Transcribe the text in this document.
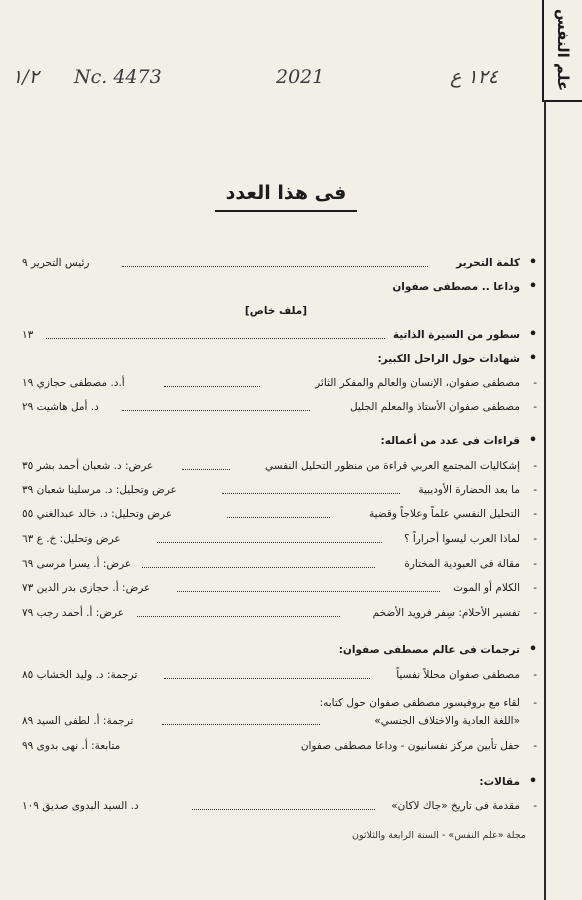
علم النفس
١/٢ Nc. 4473	2021	١٢٤ ع
فى هذا العدد
•
كلمة التحرير
رئيس التحرير ٩
•
وداعا .. مصطفى صفوان
[ملف خاص]
•
سطور من السيرة الذاتية
١٣
•
شهادات حول الراحل الكبير:
-
مصطفى صفوان، الإنسان والعالم والمفكر الثائر
أ.د. مصطفى حجازي ١٩
-
مصطفى صفوان الأستاذ والمعلم الجليل
د. أمل هاشيت ٢٩
•
قراءات فى عدد من أعماله:
-
إشكاليات المجتمع العربي قراءة من منظور التحليل النفسي
عرض: د. شعبان أحمد بشر ٣٥
-
ما بعد الحضارة الأوديبية
عرض وتحليل: د. مرسلينا شعبان ٣٩
-
التحليل النفسي علماً وعلاجاً وقضية
عرض وتحليل: د. خالد عبدالغني ٥٥
-
لماذا العرب ليسوا أحراراً ؟
عرض وتحليل: خ. ع ٦٣
-
مقالة فى العبودية المختارة
عرض: أ. يسرا مرسى ٦٩
-
الكلام أو الموت
عرض: أ. حجازى بدر الدين ٧٣
-
تفسير الأحلام: سِفر فرويد الأضخم
عرض: أ. أحمد رجب ٧٩
•
ترجمات فى عالم مصطفى صفوان:
-
مصطفى صفوان محللاً نفسياً
ترجمة: د. وليد الخشاب ٨٥
-
لقاء مع بروفيسور مصطفى صفوان حول كتابه:
«اللغة العادية والاختلاف الجنسي»
ترجمة: أ. لطفى السيد ٨٩
-
حفل تأبين مركز نفسانيون - وداعا مصطفى صفوان
متابعة: أ. نهى بدوى ٩٩
•
مقالات:
-
مقدمة فى تاريخ «جاك لاكان»
د. السيد البدوى صديق ١٠٩
مجلة «علم النفس» - السنة الرابعة والثلاثون
